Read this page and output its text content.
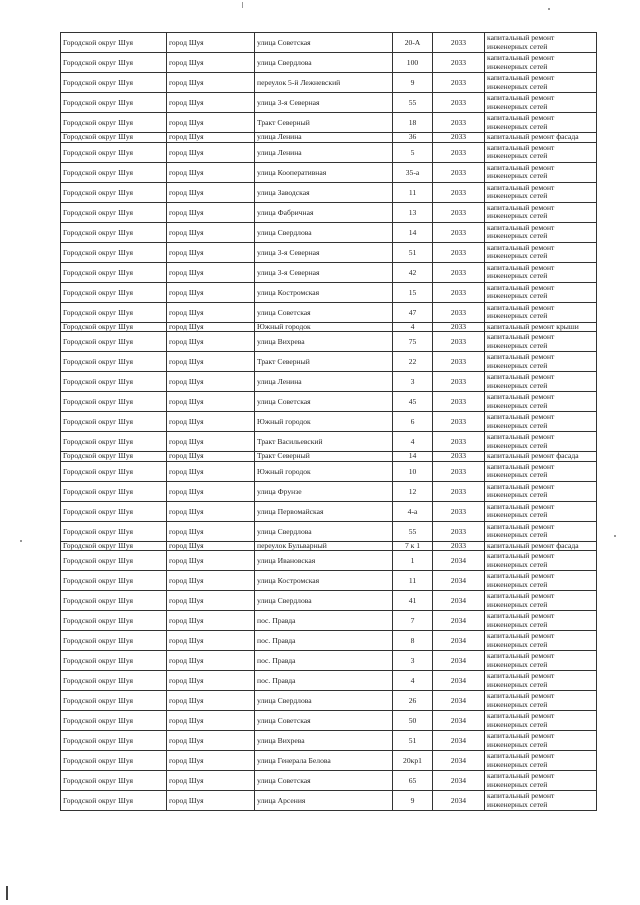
Городской округ Шуя	город Шуя	улица Советская	20-А	2033	капитальный ремонт инженерных сетей
Городской округ Шуя	город Шуя	улица Свердлова	100	2033	капитальный ремонт инженерных сетей
Городской округ Шуя	город Шуя	переулок 5-й Лежневский	9	2033	капитальный ремонт инженерных сетей
Городской округ Шуя	город Шуя	улица 3-я Северная	55	2033	капитальный ремонт инженерных сетей
Городской округ Шуя	город Шуя	Тракт Северный	18	2033	капитальный ремонт инженерных сетей
Городской округ Шуя	город Шуя	улица Ленина	36	2033	капитальный ремонт фасада
Городской округ Шуя	город Шуя	улица Ленина	5	2033	капитальный ремонт инженерных сетей
Городской округ Шуя	город Шуя	улица Кооперативная	35-а	2033	капитальный ремонт инженерных сетей
Городской округ Шуя	город Шуя	улица Заводская	11	2033	капитальный ремонт инженерных сетей
Городской округ Шуя	город Шуя	улица Фабричная	13	2033	капитальный ремонт инженерных сетей
Городской округ Шуя	город Шуя	улица Свердлова	14	2033	капитальный ремонт инженерных сетей
Городской округ Шуя	город Шуя	улица 3-я Северная	51	2033	капитальный ремонт инженерных сетей
Городской округ Шуя	город Шуя	улица 3-я Северная	42	2033	капитальный ремонт инженерных сетей
Городской округ Шуя	город Шуя	улица Костромская	15	2033	капитальный ремонт инженерных сетей
Городской округ Шуя	город Шуя	улица Советская	47	2033	капитальный ремонт инженерных сетей
Городской округ Шуя	город Шуя	Южный городок	4	2033	капитальный ремонт крыши
Городской округ Шуя	город Шуя	улица Вихрева	75	2033	капитальный ремонт инженерных сетей
Городской округ Шуя	город Шуя	Тракт Северный	22	2033	капитальный ремонт инженерных сетей
Городской округ Шуя	город Шуя	улица Ленина	3	2033	капитальный ремонт инженерных сетей
Городской округ Шуя	город Шуя	улица Советская	45	2033	капитальный ремонт инженерных сетей
Городской округ Шуя	город Шуя	Южный городок	6	2033	капитальный ремонт инженерных сетей
Городской округ Шуя	город Шуя	Тракт Васильевский	4	2033	капитальный ремонт инженерных сетей
Городской округ Шуя	город Шуя	Тракт Северный	14	2033	капитальный ремонт фасада
Городской округ Шуя	город Шуя	Южный городок	10	2033	капитальный ремонт инженерных сетей
Городской округ Шуя	город Шуя	улица Фрунзе	12	2033	капитальный ремонт инженерных сетей
Городской округ Шуя	город Шуя	улица Первомайская	4-а	2033	капитальный ремонт инженерных сетей
Городской округ Шуя	город Шуя	улица Свердлова	55	2033	капитальный ремонт инженерных сетей
Городской округ Шуя	город Шуя	переулок Бульварный	7 к 1	2033	капитальный ремонт фасада
Городской округ Шуя	город Шуя	улица Ивановская	1	2034	капитальный ремонт инженерных сетей
Городской округ Шуя	город Шуя	улица Костромская	11	2034	капитальный ремонт инженерных сетей
Городской округ Шуя	город Шуя	улица Свердлова	41	2034	капитальный ремонт инженерных сетей
Городской округ Шуя	город Шуя	пос. Правда	7	2034	капитальный ремонт инженерных сетей
Городской округ Шуя	город Шуя	пос. Правда	8	2034	капитальный ремонт инженерных сетей
Городской округ Шуя	город Шуя	пос. Правда	3	2034	капитальный ремонт инженерных сетей
Городской округ Шуя	город Шуя	пос. Правда	4	2034	капитальный ремонт инженерных сетей
Городской округ Шуя	город Шуя	улица Свердлова	26	2034	капитальный ремонт инженерных сетей
Городской округ Шуя	город Шуя	улица Советская	50	2034	капитальный ремонт инженерных сетей
Городской округ Шуя	город Шуя	улица Вихрева	51	2034	капитальный ремонт инженерных сетей
Городской округ Шуя	город Шуя	улица Генерала Белова	20кр1	2034	капитальный ремонт инженерных сетей
Городской округ Шуя	город Шуя	улица Советская	65	2034	капитальный ремонт инженерных сетей
Городской округ Шуя	город Шуя	улица Арсения	9	2034	капитальный ремонт инженерных сетей
